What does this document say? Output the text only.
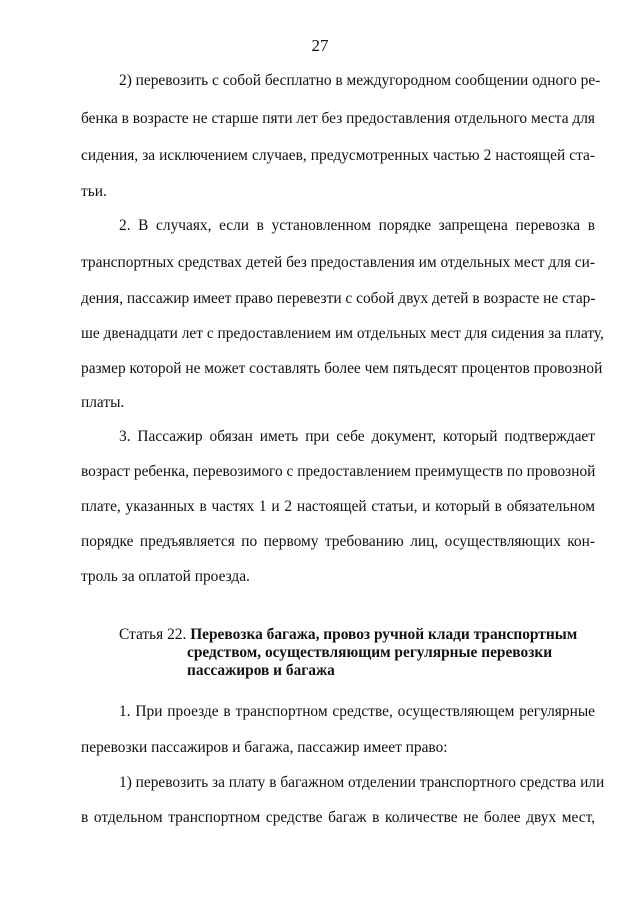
27
2) перевозить с собой бесплатно в междугородном сообщении одного ре-
бенка в возрасте не старше пяти лет без предоставления отдельного места для
сидения, за исключением случаев, предусмотренных частью 2 настоящей ста-
тьи.
2. В случаях, если в установленном порядке запрещена перевозка в
транспортных средствах детей без предоставления им отдельных мест для си-
дения, пассажир имеет право перевезти с собой двух детей в возрасте не стар-
ше двенадцати лет с предоставлением им отдельных мест для сидения за плату,
размер которой не может составлять более чем пятьдесят процентов провозной
платы.
3. Пассажир обязан иметь при себе документ, который подтверждает
возраст ребенка, перевозимого с предоставлением преимуществ по провозной
плате, указанных в частях 1 и 2 настоящей статьи, и который в обязательном
порядке предъявляется по первому требованию лиц, осуществляющих кон-
троль за оплатой проезда.
Статья 22. Перевозка багажа, провоз ручной клади транспортным
средством, осуществляющим регулярные перевозки
пассажиров и багажа
1. При проезде в транспортном средстве, осуществляющем регулярные
перевозки пассажиров и багажа, пассажир имеет право:
1) перевозить за плату в багажном отделении транспортного средства или
в отдельном транспортном средстве багаж в количестве не более двух мест,
